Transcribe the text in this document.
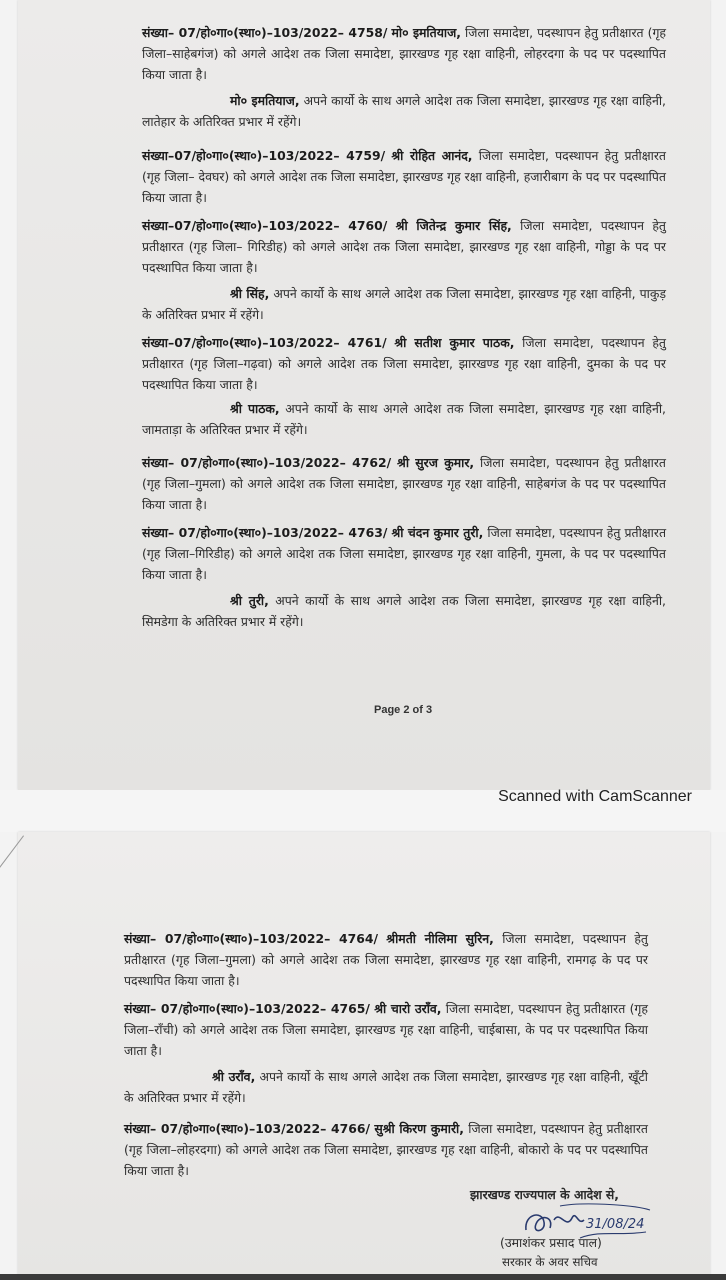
संख्या– 07/हो०गा०(स्था०)–103/2022– 4758/ मो० इमतियाज, जिला समादेष्टा, पदस्थापन हेतु प्रतीक्षारत (गृह जिला–साहेबगंज) को अगले आदेश तक जिला समादेष्टा, झारखण्ड गृह रक्षा वाहिनी, लोहरदगा के पद पर पदस्थापित किया जाता है।
मो० इमतियाज, अपने कार्यो के साथ अगले आदेश तक जिला समादेष्टा, झारखण्ड गृह रक्षा वाहिनी, लातेहार के अतिरिक्त प्रभार में रहेंगे।
संख्या–07/हो०गा०(स्था०)–103/2022– 4759/ श्री रोहित आनंद, जिला समादेष्टा, पदस्थापन हेतु प्रतीक्षारत (गृह जिला– देवघर) को अगले आदेश तक जिला समादेष्टा, झारखण्ड गृह रक्षा वाहिनी, हजारीबाग के पद पर पदस्थापित किया जाता है।
संख्या–07/हो०गा०(स्था०)–103/2022– 4760/ श्री जितेन्द्र कुमार सिंह, जिला समादेष्टा, पदस्थापन हेतु प्रतीक्षारत (गृह जिला– गिरिडीह) को अगले आदेश तक जिला समादेष्टा, झारखण्ड गृह रक्षा वाहिनी, गोड्डा के पद पर पदस्थापित किया जाता है।
श्री सिंह, अपने कार्यो के साथ अगले आदेश तक जिला समादेष्टा, झारखण्ड गृह रक्षा वाहिनी, पाकुड़ के अतिरिक्त प्रभार में रहेंगे।
संख्या–07/हो०गा०(स्था०)–103/2022– 4761/ श्री सतीश कुमार पाठक, जिला समादेष्टा, पदस्थापन हेतु प्रतीक्षारत (गृह जिला–गढ़वा) को अगले आदेश तक जिला समादेष्टा, झारखण्ड गृह रक्षा वाहिनी, दुमका के पद पर पदस्थापित किया जाता है।
श्री पाठक, अपने कार्यो के साथ अगले आदेश तक जिला समादेष्टा, झारखण्ड गृह रक्षा वाहिनी, जामताड़ा के अतिरिक्त प्रभार में रहेंगे।
संख्या– 07/हो०गा०(स्था०)–103/2022– 4762/ श्री सुरज कुमार, जिला समादेष्टा, पदस्थापन हेतु प्रतीक्षारत (गृह जिला–गुमला) को अगले आदेश तक जिला समादेष्टा, झारखण्ड गृह रक्षा वाहिनी, साहेबगंज के पद पर पदस्थापित किया जाता है।
संख्या– 07/हो०गा०(स्था०)–103/2022– 4763/ श्री चंदन कुमार तुरी, जिला समादेष्टा, पदस्थापन हेतु प्रतीक्षारत (गृह जिला–गिरिडीह) को अगले आदेश तक जिला समादेष्टा, झारखण्ड गृह रक्षा वाहिनी, गुमला, के पद पर पदस्थापित किया जाता है।
श्री तुरी, अपने कार्यो के साथ अगले आदेश तक जिला समादेष्टा, झारखण्ड गृह रक्षा वाहिनी, सिमडेगा के अतिरिक्त प्रभार में रहेंगे।
Page 2 of 3
Scanned with CamScanner
संख्या– 07/हो०गा०(स्था०)–103/2022– 4764/ श्रीमती नीलिमा सुरिन, जिला समादेष्टा, पदस्थापन हेतु प्रतीक्षारत (गृह जिला–गुमला) को अगले आदेश तक जिला समादेष्टा, झारखण्ड गृह रक्षा वाहिनी, रामगढ़ के पद पर पदस्थापित किया जाता है।
संख्या– 07/हो०गा०(स्था०)–103/2022– 4765/ श्री चारो उराँव, जिला समादेष्टा, पदस्थापन हेतु प्रतीक्षारत (गृह जिला–राँची) को अगले आदेश तक जिला समादेष्टा, झारखण्ड गृह रक्षा वाहिनी, चाईबासा, के पद पर पदस्थापित किया जाता है।
श्री उराँव, अपने कार्यो के साथ अगले आदेश तक जिला समादेष्टा, झारखण्ड गृह रक्षा वाहिनी, खूँटी के अतिरिक्त प्रभार में रहेंगे।
संख्या– 07/हो०गा०(स्था०)–103/2022– 4766/ सुश्री किरण कुमारी, जिला समादेष्टा, पदस्थापन हेतु प्रतीक्षारत (गृह जिला–लोहरदगा) को अगले आदेश तक जिला समादेष्टा, झारखण्ड गृह रक्षा वाहिनी, बोकारो के पद पर पदस्थापित किया जाता है।
झारखण्ड राज्यपाल के आदेश से,
31/08/24
(उमाशंकर प्रसाद पाल)
सरकार के अवर सचिव
